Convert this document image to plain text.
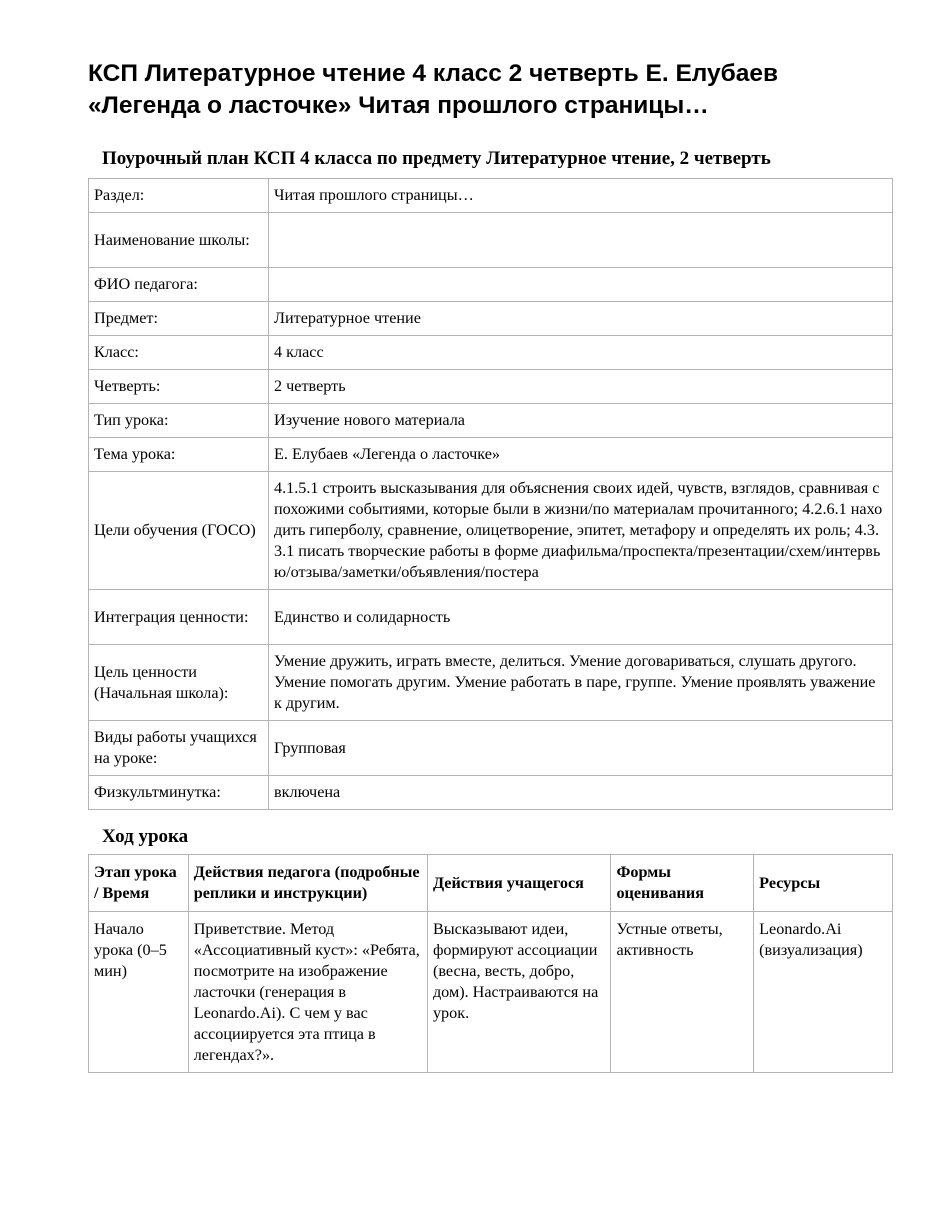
КСП Литературное чтение 4 класс 2 четверть Е. Елубаев «Легенда о ласточке» Читая прошлого страницы…
Поурочный план КСП 4 класса по предмету Литературное чтение, 2 четверть
Раздел:	Читая прошлого страницы…
Наименование школы:	
ФИО педагога:	
Предмет:	Литературное чтение
Класс:	4 класс
Четверть:	2 четверть
Тип урока:	Изучение нового материала
Тема урока:	Е. Елубаев «Легенда о ласточке»
Цели обучения (ГОСО)	4.1.5.1 строить высказывания для объяснения своих идей, чувств, взглядов, сравнивая с похожими событиями, которые были в жизни/по материалам прочитанного; 4.2.6.1 находить гиперболу, сравнение, олицетворение, эпитет, метафору и определять их роль; 4.3.3.1 писать творческие работы в форме диафильма/проспекта/презентации/схем/интервью/отзыва/заметки/объявления/постера
Интеграция ценности:	Единство и солидарность
Цель ценности (Начальная школа):	Умение дружить, играть вместе, делиться. Умение договариваться, слушать другого. Умение помогать другим. Умение работать в паре, группе. Умение проявлять уважение к другим.
Виды работы учащихся на уроке:	Групповая
Физкультминутка:	включена
Ход урока
Этап урока / Время	Действия педагога (подробные реплики и инструкции)	Действия учащегося	Формы оценивания	Ресурсы
Начало урока (0–5 мин)	Приветствие. Метод «Ассоциативный куст»: «Ребята, посмотрите на изображение ласточки (генерация в Leonardo.Ai). С чем у вас ассоциируется эта птица в легендах?».	Высказывают идеи, формируют ассоциации (весна, весть, добро, дом). Настраиваются на урок.	Устные ответы, активность	Leonardo.Ai (визуализация)
